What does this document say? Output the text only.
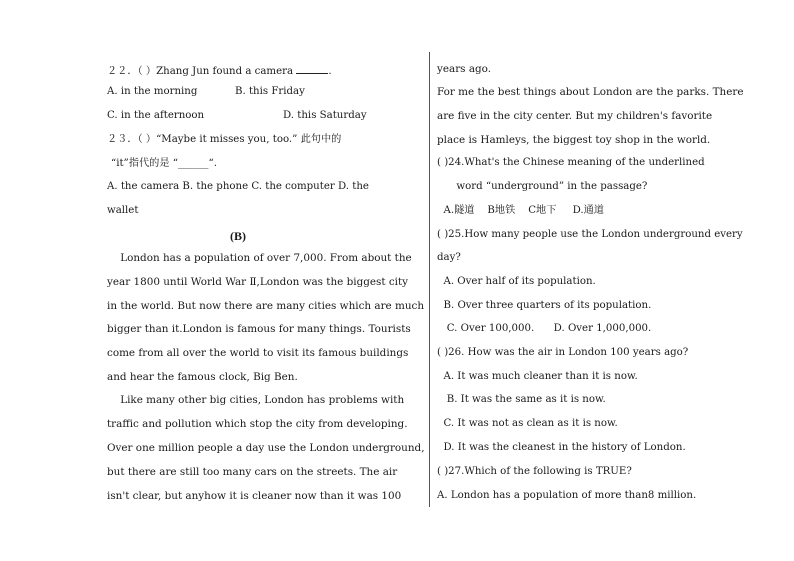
２２．（ ）Zhang Jun found a camera	.
A. in the morning	B. this Friday
C. in the afternoon	D. this Saturday
２３．（ ）“Maybe it misses you, too.” 此句中的
“it”指代的是 “______“.
A. the camera B. the phone C. the computer D. the
wallet
(B)
London has a population of over 7,000. From about the
year 1800 until World War Ⅱ,London was the biggest city
in the world. But now there are many cities which are much
bigger than it.London is famous for many things. Tourists
come from all over the world to visit its famous buildings
and hear the famous clock, Big Ben.
Like many other big cities, London has problems with
traffic and pollution which stop the city from developing.
Over one million people a day use the London underground,
but there are still too many cars on the streets. The air
isn't clear, but anyhow it is cleaner now than it was 100
years ago.
For me the best things about London are the parks. There
are five in the city center. But my children's favorite
place is Hamleys, the biggest toy shop in the world.
( )24.What's the Chinese meaning of the underlined
word “underground” in the passage?
A.隧道    B地铁    C地下     D.通道
( )25.How many people use the London underground every
day?
A. Over half of its population.
B. Over three quarters of its population.
C. Over 100,000.      D. Over 1,000,000.
( )26. How was the air in London 100 years ago?
A. It was much cleaner than it is now.
B. It was the same as it is now.
C. It was not as clean as it is now.
D. It was the cleanest in the history of London.
( )27.Which of the following is TRUE?
A. London has a population of more than8 million.
